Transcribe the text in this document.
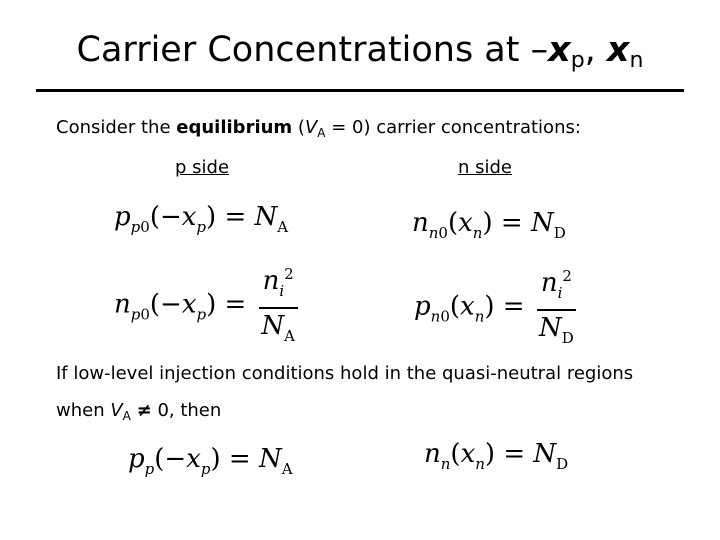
Carrier Concentrations at $-x_p$, $x_n$
Consider the equilibrium $(V_A = 0)$ carrier concentrations:
p side	n side
$p_{p0}(-x_p) = N_A$
$n_{p0}(-x_p) = \frac{n_i^2}{N_A}$
$n_{n0}(x_n) = N_D$
$p_{n0}(x_n) = \frac{n_i^2}{N_D}$
If low-level injection conditions hold in the quasi-neutral regions
when $V_A \ne 0$, then
$p_p(-x_p) = N_A$	$n_n(x_n) = N_D$
